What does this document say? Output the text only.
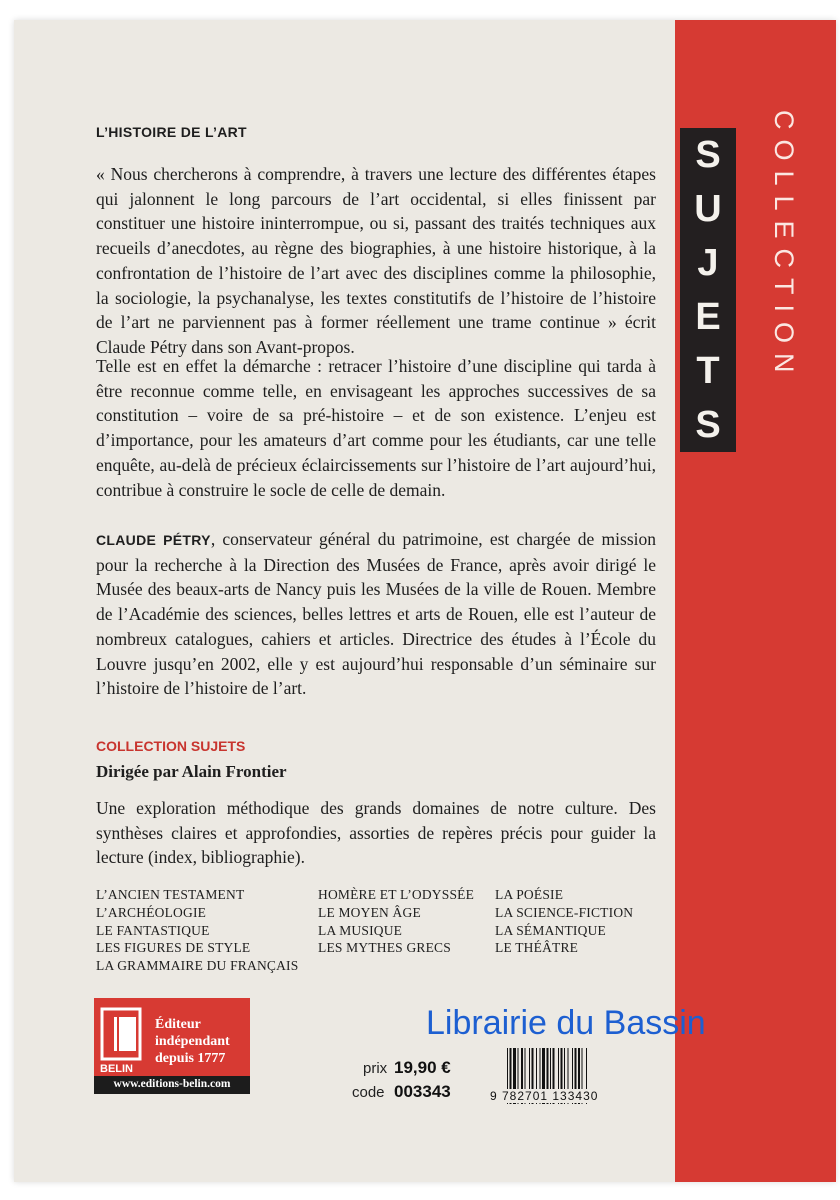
S
U
J
E
T
S
COLLECTION
L’HISTOIRE DE L’ART
« Nous chercherons à comprendre, à travers une lecture des différentes étapes qui jalonnent le long parcours de l’art occidental, si elles finissent par constituer une histoire ininterrompue, ou si, passant des traités techniques aux recueils d’anecdotes, au règne des biographies, à une histoire historique, à la confrontation de l’histoire de l’art avec des disciplines comme la philosophie, la sociologie, la psychanalyse, les textes constitutifs de l’histoire de l’histoire de l’art ne parviennent pas à former réellement une trame continue » écrit Claude Pétry dans son Avant-propos.
Telle est en effet la démarche : retracer l’histoire d’une discipline qui tarda à être reconnue comme telle, en envisageant les approches successives de sa constitution – voire de sa pré-histoire – et de son existence. L’enjeu est d’importance, pour les amateurs d’art comme pour les étudiants, car une telle enquête, au-delà de précieux éclaircissements sur l’histoire de l’art aujourd’hui, contribue à construire le socle de celle de demain.
CLAUDE PÉTRY, conservateur général du patrimoine, est chargée de mission pour la recherche à la Direction des Musées de France, après avoir dirigé le Musée des beaux-arts de Nancy puis les Musées de la ville de Rouen. Membre de l’Académie des sciences, belles lettres et arts de Rouen, elle est l’auteur de nombreux catalogues, cahiers et articles. Directrice des études à l’École du Louvre jusqu’en 2002, elle y est aujourd’hui responsable d’un séminaire sur l’histoire de l’histoire de l’art.
COLLECTION SUJETS
Dirigée par Alain Frontier
Une exploration méthodique des grands domaines de notre culture. Des synthèses claires et approfondies, assorties de repères précis pour guider la lecture (index, bibliographie).
L’ANCIEN TESTAMENT
L’ARCHÉOLOGIE
LE FANTASTIQUE
LES FIGURES DE STYLE
LA GRAMMAIRE DU FRANÇAIS
HOMÈRE ET L’ODYSSÉE
LE MOYEN ÂGE
LA MUSIQUE
LES MYTHES GRECS
LA POÉSIE
LA SCIENCE-FICTION
LA SÉMANTIQUE
LE THÉÂTRE
BELIN
Éditeur
indépendant
depuis 1777
www.editions-belin.com
prix 19,90 €
code 003343	9 782701 133430
Librairie du Bassin
